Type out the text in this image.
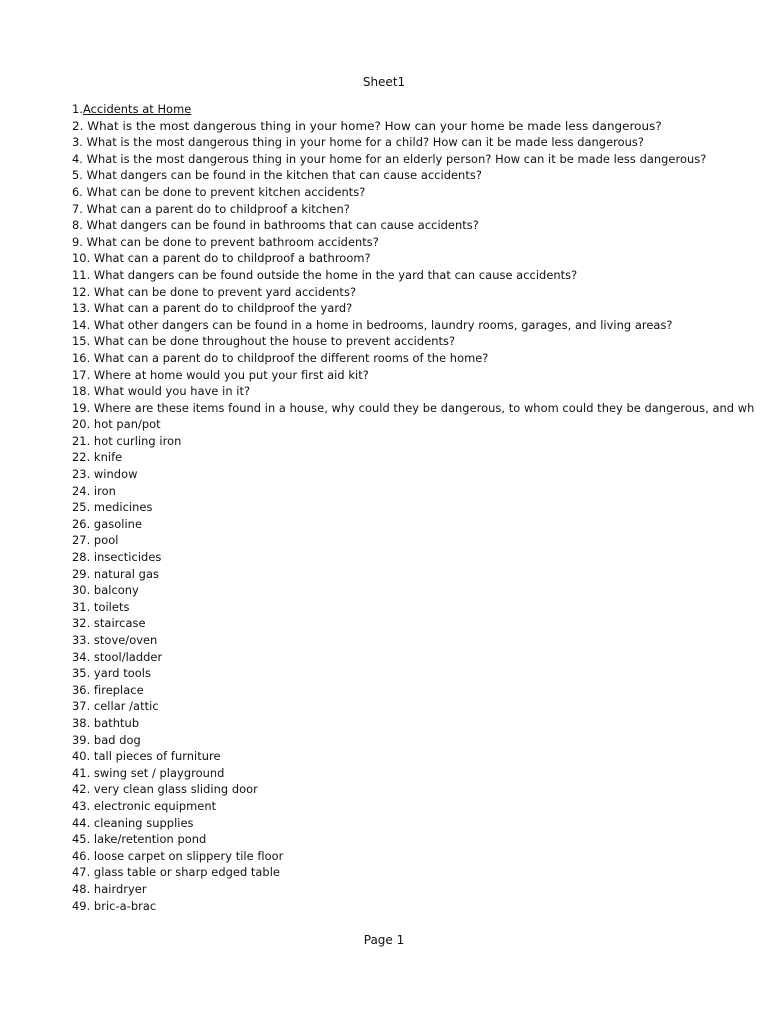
Sheet1
1.Accidents at Home
2. What is the most dangerous thing in your home? How can your home be made less dangerous?
3. What is the most dangerous thing in your home for a child? How can it be made less dangerous?
4. What is the most dangerous thing in your home for an elderly person? How can it be made less dangerous?
5. What dangers can be found in the kitchen that can cause accidents?
6. What can be done to prevent kitchen accidents?
7. What can a parent do to childproof a kitchen?
8. What dangers can be found in bathrooms that can cause accidents?
9. What can be done to prevent bathroom accidents?
10. What can a parent do to childproof a bathroom?
11. What dangers can be found outside the home in the yard that can cause accidents?
12. What can be done to prevent yard accidents?
13. What can a parent do to childproof the yard?
14. What other dangers can be found in a home in bedrooms, laundry rooms, garages, and living areas?
15. What can be done throughout the house to prevent accidents?
16. What can a parent do to childproof the different rooms of the home?
17. Where at home would you put your first aid kit?
18. What would you have in it?
19. Where are these items found in a house, why could they be dangerous, to whom could they be dangerous, and wh
20. hot pan/pot
21. hot curling iron
22. knife
23. window
24. iron
25. medicines
26. gasoline
27. pool
28. insecticides
29. natural gas
30. balcony
31. toilets
32. staircase
33. stove/oven
34. stool/ladder
35. yard tools
36. fireplace
37. cellar /attic
38. bathtub
39. bad dog
40. tall pieces of furniture
41. swing set / playground
42. very clean glass sliding door
43. electronic equipment
44. cleaning supplies
45. lake/retention pond
46. loose carpet on slippery tile floor
47. glass table or sharp edged table
48. hairdryer
49. bric-a-brac
Page 1
